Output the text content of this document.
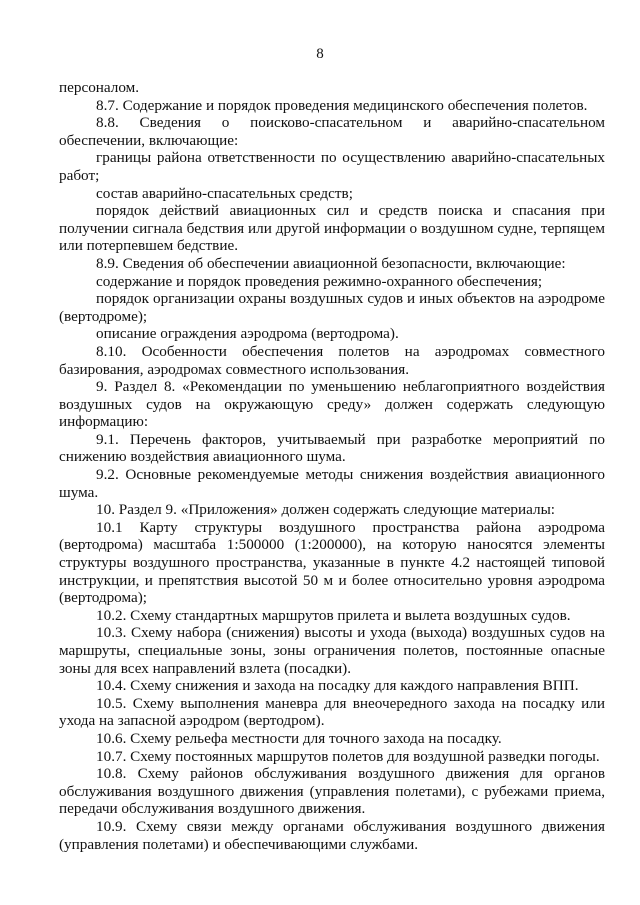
8

персоналом.

8.7. Содержание и порядок проведения медицинского обеспечения полетов.

8.8. Сведения о поисково-спасательном и аварийно-спасательном обеспечении, включающие:

границы района ответственности по осуществлению аварийно-спасательных работ;

состав аварийно-спасательных средств;

порядок действий авиационных сил и средств поиска и спасания при получении сигнала бедствия или другой информации о воздушном судне, терпящем или потерпевшем бедствие.

8.9. Сведения об обеспечении авиационной безопасности, включающие:

содержание и порядок проведения режимно-охранного обеспечения;

порядок организации охраны воздушных судов и иных объектов на аэродроме (вертодроме);

описание ограждения аэродрома (вертодрома).

8.10. Особенности обеспечения полетов на аэродромах совместного базирования, аэродромах совместного использования.

9. Раздел 8. «Рекомендации по уменьшению неблагоприятного воздействия воздушных судов на окружающую среду» должен содержать следующую информацию:

9.1. Перечень факторов, учитываемый при разработке мероприятий по снижению воздействия авиационного шума.

9.2. Основные рекомендуемые методы снижения воздействия авиационного шума.

10. Раздел 9. «Приложения» должен содержать следующие материалы:

10.1 Карту структуры воздушного пространства района аэродрома (вертодрома) масштаба 1:500000 (1:200000), на которую наносятся элементы структуры воздушного пространства, указанные в пункте 4.2 настоящей типовой инструкции, и препятствия высотой 50 м и более относительно уровня аэродрома (вертодрома);

10.2. Схему стандартных маршрутов прилета и вылета воздушных судов.

10.3. Схему набора (снижения) высоты и ухода (выхода) воздушных судов на маршруты, специальные зоны, зоны ограничения полетов, постоянные опасные зоны для всех направлений взлета (посадки).

10.4. Схему снижения и захода на посадку для каждого направления ВПП.

10.5. Схему выполнения маневра для внеочередного захода на посадку или ухода на запасной аэродром (вертодром).

10.6. Схему рельефа местности для точного захода на посадку.

10.7. Схему постоянных маршрутов полетов для воздушной разведки погоды.

10.8. Схему районов обслуживания воздушного движения для органов обслуживания воздушного движения (управления полетами), с рубежами приема, передачи обслуживания воздушного движения.

10.9. Схему связи между органами обслуживания воздушного движения (управления полетами) и обеспечивающими службами.
